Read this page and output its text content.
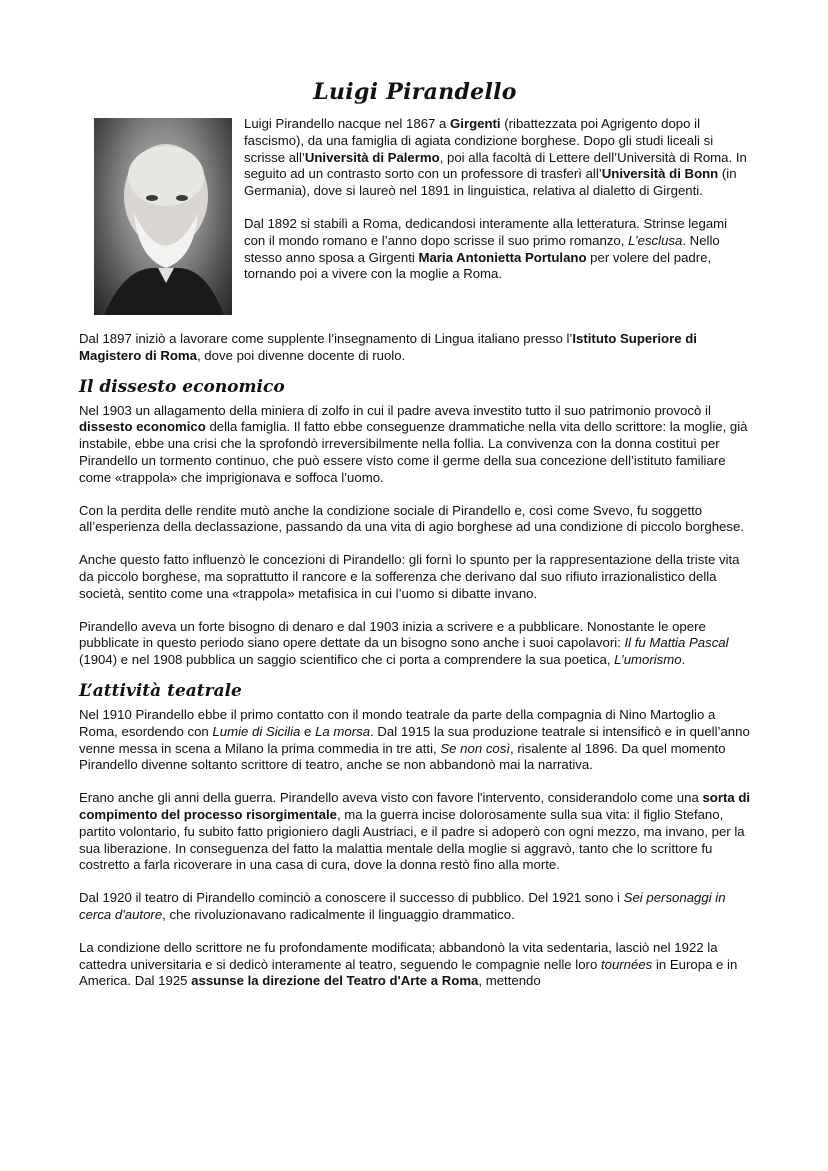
Luigi Pirandello

Luigi Pirandello nacque nel 1867 a Girgenti (ribattezzata poi Agrigento dopo il fascismo), da una famiglia di agiata condizione borghese. Dopo gli studi liceali si scrisse all’Università di Palermo, poi alla facoltà di Lettere dell’Università di Roma. In seguito ad un contrasto sorto con un professore di trasferì all’Università di Bonn (in Germania), dove si laureò nel 1891 in linguistica, relativa al dialetto di Girgenti.

Dal 1892 si stabilì a Roma, dedicandosi interamente alla letteratura. Strinse legami con il mondo romano e l’anno dopo scrisse il suo primo romanzo, L’esclusa. Nello stesso anno sposa a Girgenti Maria Antonietta Portulano per volere del padre, tornando poi a vivere con la moglie a Roma.

Dal 1897 iniziò a lavorare come supplente l’insegnamento di Lingua italiano presso l’Istituto Superiore di Magistero di Roma, dove poi divenne docente di ruolo.

Il dissesto economico

Nel 1903 un allagamento della miniera di zolfo in cui il padre aveva investito tutto il suo patrimonio provocò il dissesto economico della famiglia. Il fatto ebbe conseguenze drammatiche nella vita dello scrittore: la moglie, già instabile, ebbe una crisi che la sprofondò irreversibilmente nella follia. La convivenza con la donna costituì per Pirandello un tormento continuo, che può essere visto come il germe della sua concezione dell’istituto familiare come «trappola» che imprigionava e soffoca l’uomo.

Con la perdita delle rendite mutò anche la condizione sociale di Pirandello e, così come Svevo, fu soggetto all’esperienza della declassazione, passando da una vita di agio borghese ad una condizione di piccolo borghese.

Anche questo fatto influenzò le concezioni di Pirandello: gli fornì lo spunto per la rappresentazione della triste vita da piccolo borghese, ma soprattutto il rancore e la sofferenza che derivano dal suo rifiuto irrazionalistico della società, sentito come una «trappola» metafisica in cui l’uomo si dibatte invano.

Pirandello aveva un forte bisogno di denaro e dal 1903 inizia a scrivere e a pubblicare. Nonostante le opere pubblicate in questo periodo siano opere dettate da un bisogno sono anche i suoi capolavori: Il fu Mattia Pascal (1904) e nel 1908 pubblica un saggio scientifico che ci porta a comprendere la sua poetica, L’umorismo.

L’attività teatrale

Nel 1910 Pirandello ebbe il primo contatto con il mondo teatrale da parte della compagnia di Nino Martoglio a Roma, esordendo con Lumie di Sicilia e La morsa. Dal 1915 la sua produzione teatrale si intensificò e in quell’anno venne messa in scena a Milano la prima commedia in tre atti, Se non così, risalente al 1896. Da quel momento Pirandello divenne soltanto scrittore di teatro, anche se non abbandonò mai la narrativa.

Erano anche gli anni della guerra. Pirandello aveva visto con favore l'intervento, considerandolo come una sorta di compimento del processo risorgimentale, ma la guerra incise dolorosamente sulla sua vita: il figlio Stefano, partito volontario, fu subito fatto prigioniero dagli Austriaci, e il padre si adoperò con ogni mezzo, ma invano, per la sua liberazione. In conseguenza del fatto la malattia mentale della moglie si aggravò, tanto che lo scrittore fu costretto a farla ricoverare in una casa di cura, dove la donna restò fino alla morte.

Dal 1920 il teatro di Pirandello cominciò a conoscere il successo di pubblico. Del 1921 sono i Sei personaggi in cerca d'autore, che rivoluzionavano radicalmente il linguaggio drammatico.

La condizione dello scrittore ne fu profondamente modificata; abbandonò la vita sedentaria, lasciò nel 1922 la cattedra universitaria e si dedicò interamente al teatro, seguendo le compagnie nelle loro tournées in Europa e in America. Dal 1925 assunse la direzione del Teatro d'Arte a Roma, mettendo
